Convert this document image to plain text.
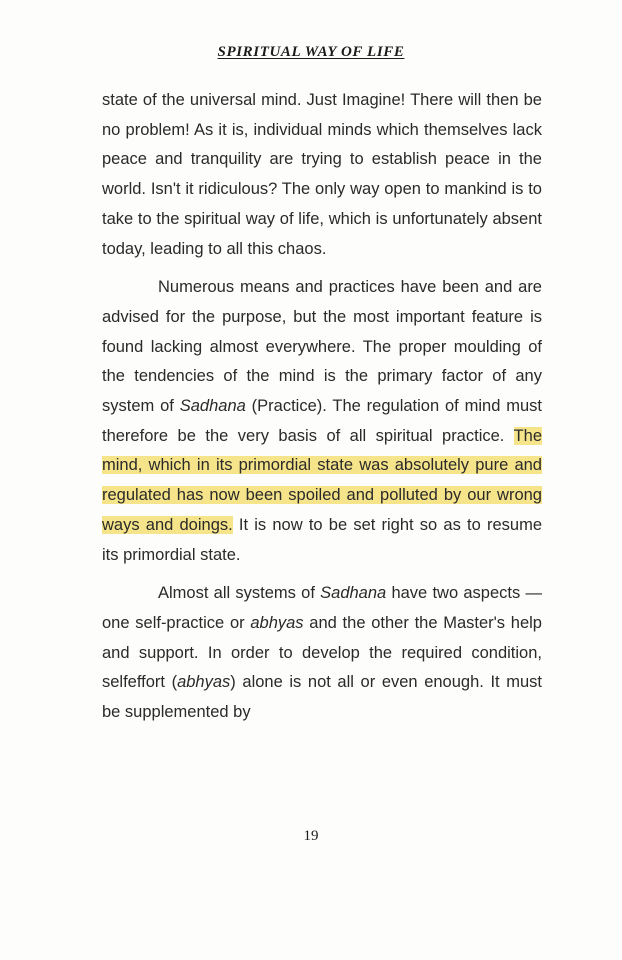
SPIRITUAL WAY OF LIFE

state of the universal mind. Just Imagine! There will then be no problem! As it is, individual minds which themselves lack peace and tranquility are trying to establish peace in the world. Isn't it ridiculous? The only way open to mankind is to take to the spiritual way of life, which is unfortunately absent today, leading to all this chaos.

Numerous means and practices have been and are advised for the purpose, but the most important feature is found lacking almost everywhere. The proper moulding of the tendencies of the mind is the primary factor of any system of Sadhana (Practice). The regulation of mind must therefore be the very basis of all spiritual practice. The mind, which in its primordial state was absolutely pure and regulated has now been spoiled and polluted by our wrong ways and doings. It is now to be set right so as to resume its primordial state.

Almost all systems of Sadhana have two aspects — one self-practice or abhyas and the other the Master's help and support. In order to develop the required condition, selfeffort (abhyas) alone is not all or even enough. It must be supplemented by

19
